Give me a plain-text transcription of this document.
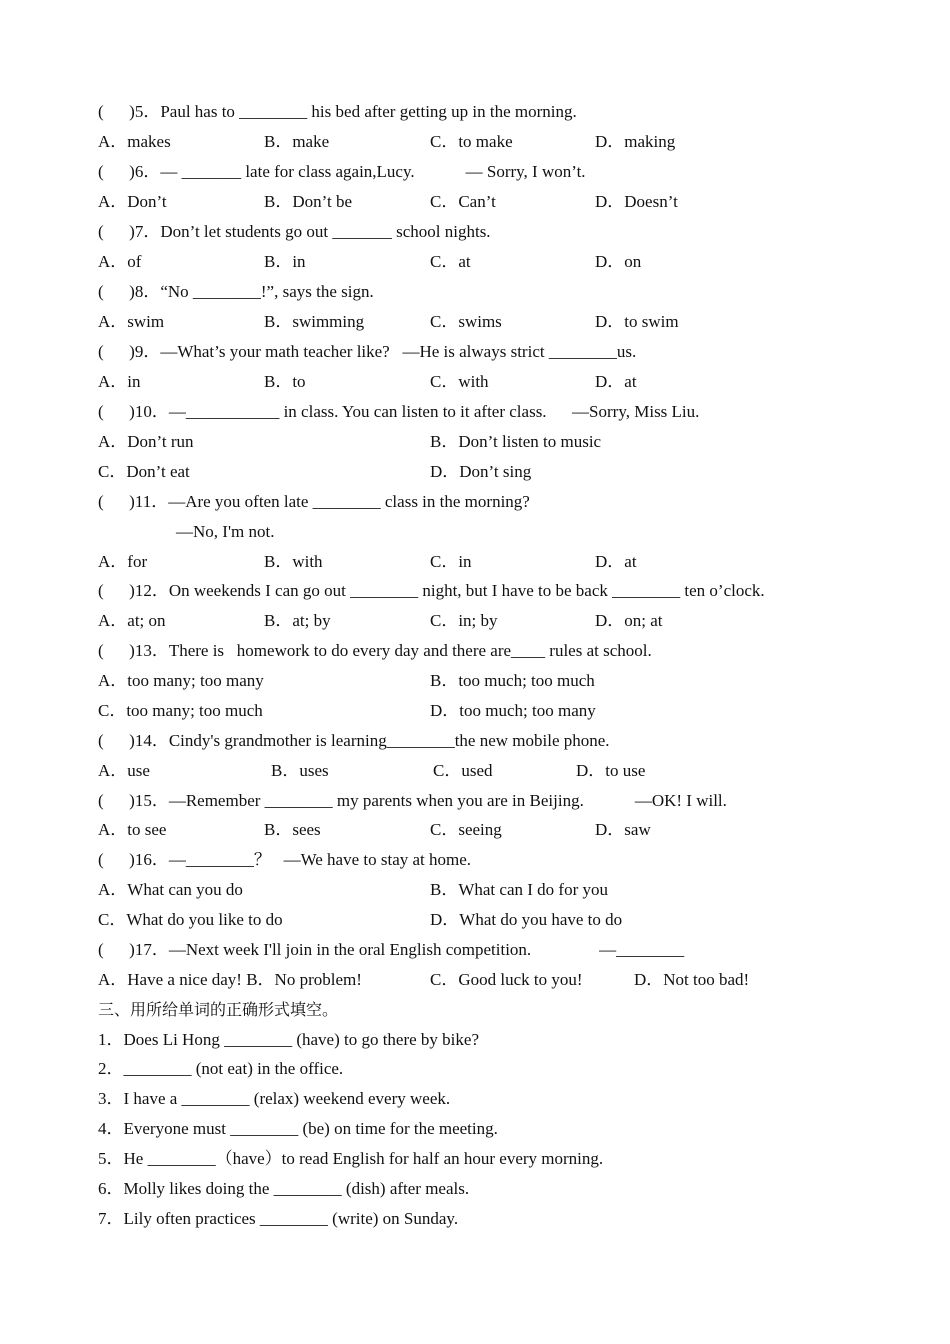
(      )5．Paul has to ________ his bed after getting up in the morning.

A．makes

	B．make

	C．to make

	D．making

(      )6．— _______ late for class again,Lucy.            — Sorry, I won’t.

A．Don’t

	B．Don’t be

	C．Can’t

	D．Doesn’t

(      )7．Don’t let students go out _______ school nights.

A．of

	B．in

	C．at

	D．on

(      )8．“No ________!”, says the sign.

A．swim

	B．swimming

	C．swims

	D．to swim

(      )9．—What’s your math teacher like?   —He is always strict ________us.

A．in

	B．to

	C．with

	D．at

(      )10．—___________ in class. You can listen to it after class.      —Sorry, Miss Liu.

A．Don’t run

	B．Don’t listen to music

C．Don’t eat

	D．Don’t sing

(      )11．—Are you often late ________ class in the morning?
—No, I'm not.

A．for

	B．with

	C．in

	D．at

(      )12．On weekends I can go out ________ night, but I have to be back ________ ten o’clock.

A．at; on

	B．at; by

	C．in; by

	D．on; at

(      )13．There is   homework to do every day and there are____ rules at school.

A．too many; too many

	B．too much; too much

C．too many; too much

	D．too much; too many

(      )14．Cindy's grandmother is learning________the new mobile phone.

A．use

	B．uses

	C．used

	D．to use

(      )15．—Remember ________ my parents when you are in Beijing.            —OK! I will.

A．to see

	B．sees

	C．seeing

	D．saw

(      )16．—________？   —We have to stay at home.

A．What can you do

	B．What can I do for you

C．What do you like to do

	D．What do you have to do

(      )17．—Next week I'll join in the oral English competition.                —________

A．Have a nice day! B．No problem!

	C．Good luck to you!

	D．Not too bad!

三、用所给单词的正确形式填空。
1．Does Li Hong ________ (have) to go there by bike?
2．________ (not eat) in the office.
3．I have a ________ (relax) weekend every week.
4．Everyone must ________ (be) on time for the meeting.
5．He ________（have）to read English for half an hour every morning.
6．Molly likes doing the ________ (dish) after meals.
7．Lily often practices ________ (write) on Sunday.
